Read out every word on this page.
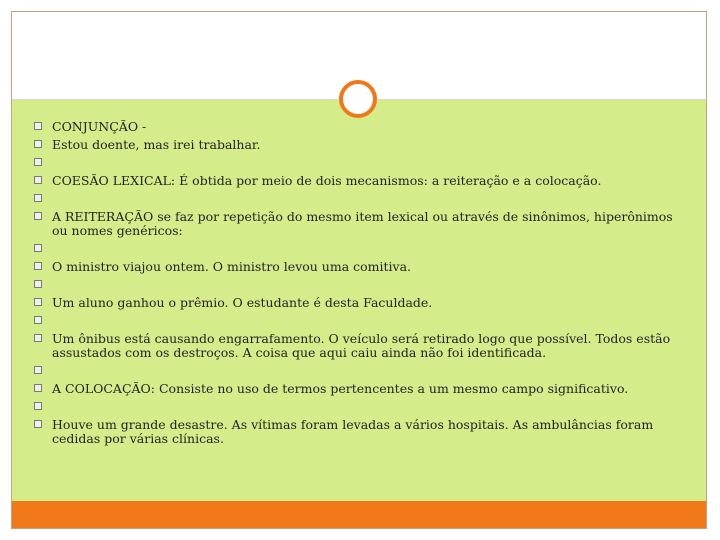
CONJUNÇÃO -
Estou doente, mas irei trabalhar.
COESÃO LEXICAL: É obtida por meio de dois mecanismos: a reiteração e a colocação.
A REITERAÇÃO se faz por repetição do mesmo item lexical ou através de sinônimos, hiperônimos ou nomes genéricos:
O ministro viajou ontem. O ministro levou uma comitiva.
Um aluno ganhou o prêmio. O estudante é desta Faculdade.
Um ônibus está causando engarrafamento. O veículo será retirado logo que possível. Todos estão assustados com os destroços. A coisa que aqui caiu ainda não foi identificada.
A COLOCAÇÃO: Consiste no uso de termos pertencentes a um mesmo campo significativo.
Houve um grande desastre. As vítimas foram levadas a vários hospitais. As ambulâncias foram cedidas por várias clínicas.
